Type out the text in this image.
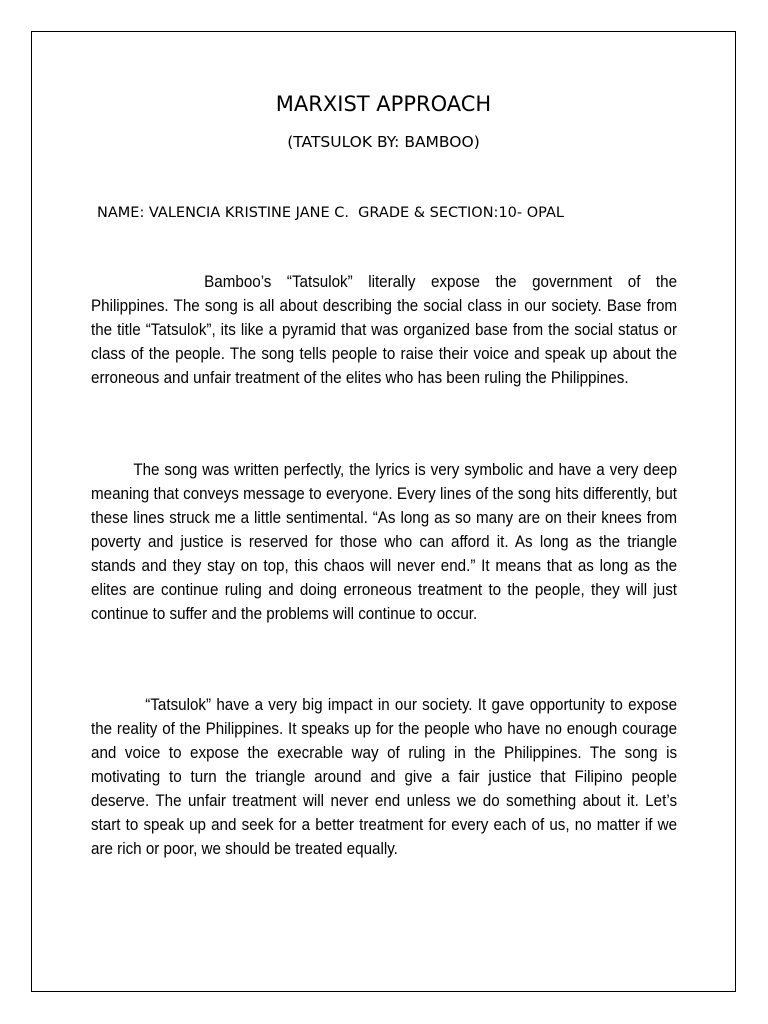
MARXIST APPROACH

(TATSULOK BY: BAMBOO)

NAME: VALENCIA KRISTINE JANE C.  GRADE & SECTION:10- OPAL

Bamboo’s “Tatsulok” literally expose the government of the Philippines. The song is all about describing the social class in our society. Base from the title “Tatsulok”, its like a pyramid that was organized base from the social status or class of the people. The song tells people to raise their voice and speak up about the erroneous and unfair treatment of the elites who has been ruling the Philippines.

The song was written perfectly, the lyrics is very symbolic and have a very deep meaning that conveys message to everyone. Every lines of the song hits differently, but these lines struck me a little sentimental. “As long as so many are on their knees from poverty and justice is reserved for those who can afford it. As long as the triangle stands and they stay on top, this chaos will never end.” It means that as long as the elites are continue ruling and doing erroneous treatment to the people, they will just continue to suffer and the problems will continue to occur.

“Tatsulok” have a very big impact in our society. It gave opportunity to expose the reality of the Philippines. It speaks up for the people who have no enough courage and voice to expose the execrable way of ruling in the Philippines. The song is motivating to turn the triangle around and give a fair justice that Filipino people deserve. The unfair treatment will never end unless we do something about it. Let’s start to speak up and seek for a better treatment for every each of us, no matter if we are rich or poor, we should be treated equally.
